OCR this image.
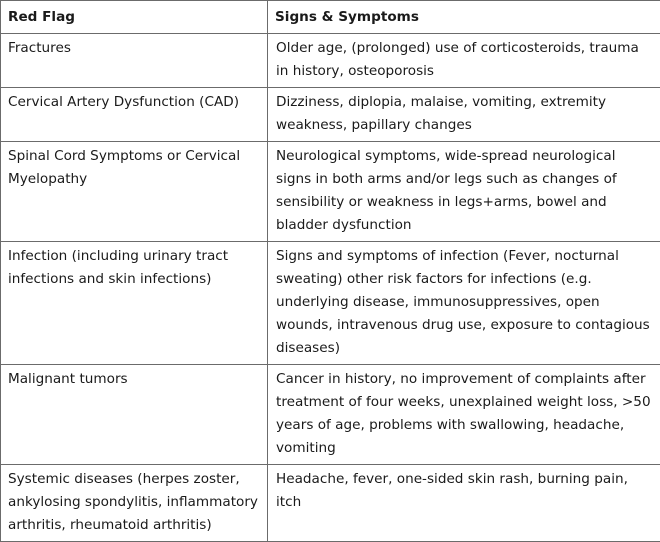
Red Flag	Signs & Symptoms
Fractures	Older age, (prolonged) use of corticosteroids, trauma in history, osteoporosis
Cervical Artery Dysfunction (CAD)	Dizziness, diplopia, malaise, vomiting, extremity weakness, papillary changes
Spinal Cord Symptoms or Cervical Myelopathy	Neurological symptoms, wide-spread neurological signs in both arms and/or legs such as changes of sensibility or weakness in legs+arms, bowel and bladder dysfunction
Infection (including urinary tract infections and skin infections)	Signs and symptoms of infection (Fever, nocturnal sweating) other risk factors for infections (e.g. underlying disease, immunosuppressives, open wounds, intravenous drug use, exposure to contagious diseases)
Malignant tumors	Cancer in history, no improvement of complaints after treatment of four weeks, unexplained weight loss, >50 years of age, problems with swallowing, headache, vomiting
Systemic diseases (herpes zoster, ankylosing spondylitis, inflammatory arthritis, rheumatoid arthritis)	Headache, fever, one-sided skin rash, burning pain, itch
